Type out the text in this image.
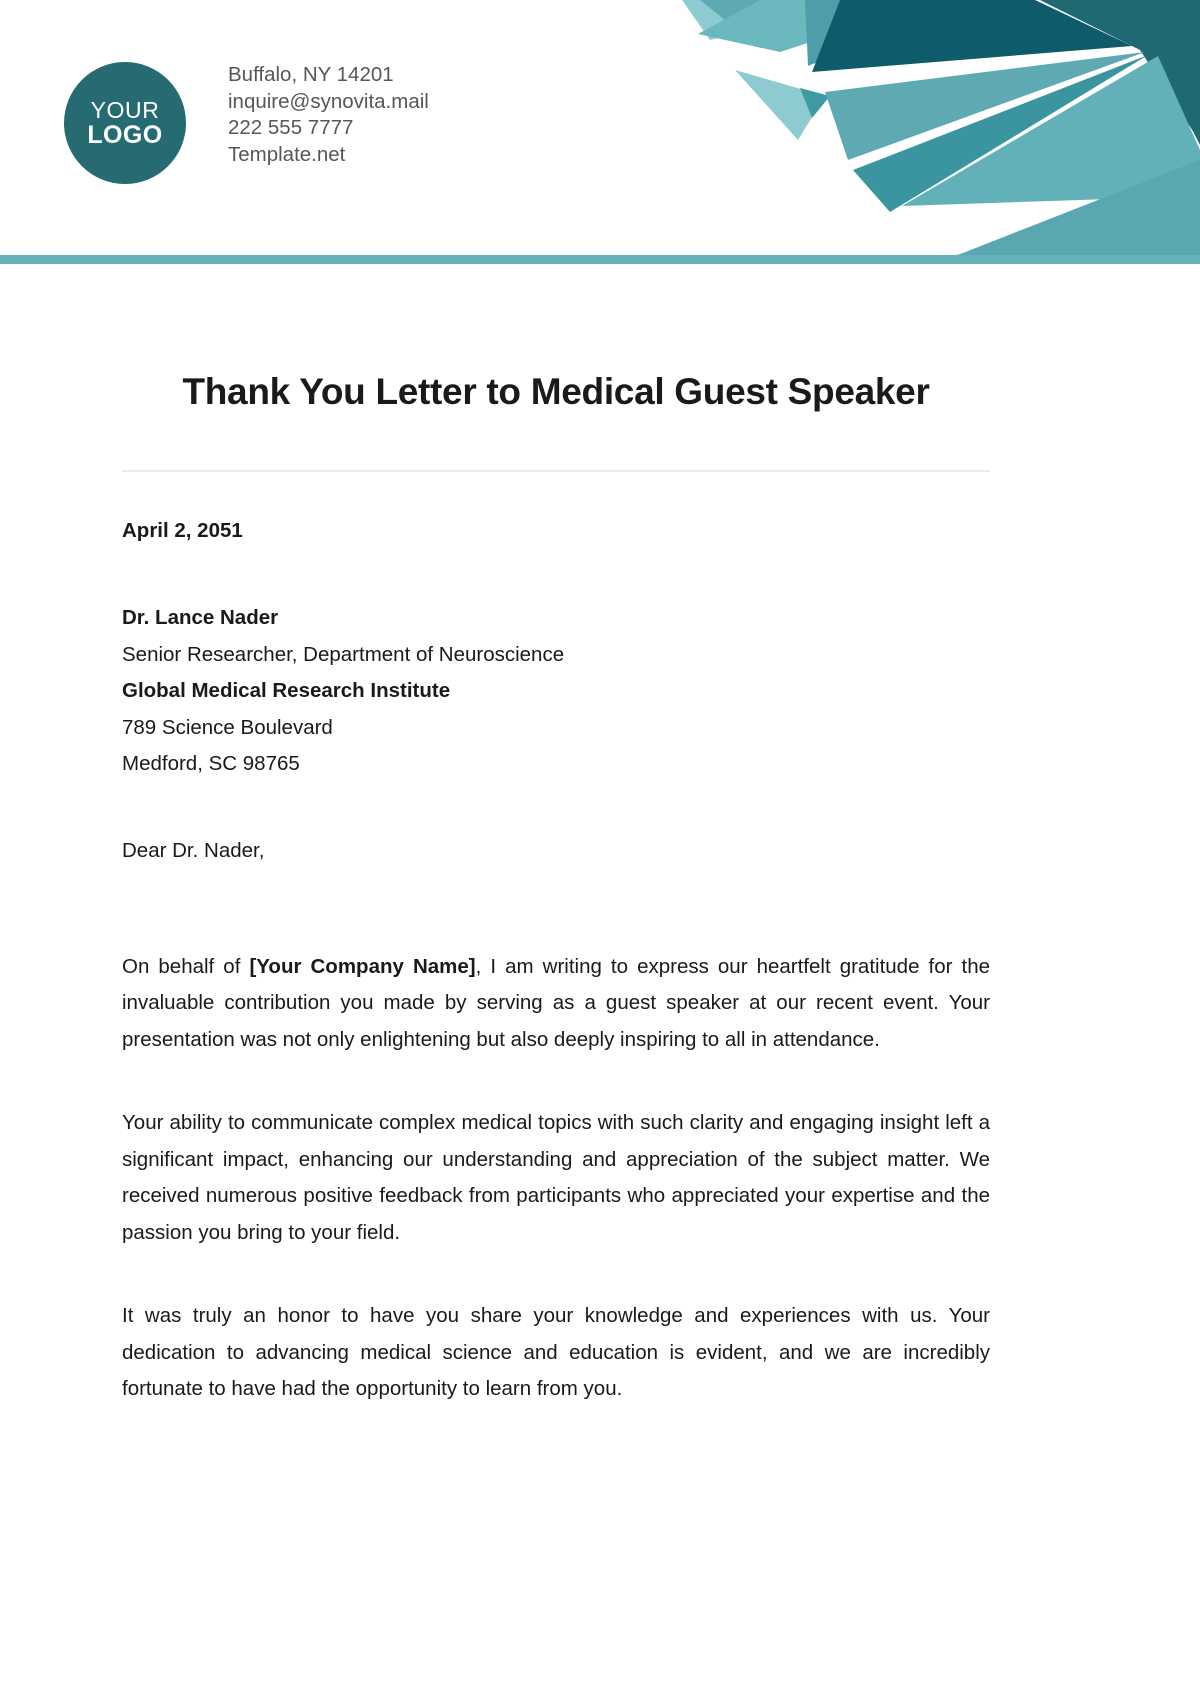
YOUR
LOGO
Buffalo, NY 14201
inquire@synovita.mail
222 555 7777
Template.net
Thank You Letter to Medical Guest Speaker
April 2, 2051
Dr. Lance Nader
Senior Researcher, Department of Neuroscience
Global Medical Research Institute
789 Science Boulevard
Medford, SC 98765
Dear Dr. Nader,

On behalf of [Your Company Name], I am writing to express our heartfelt gratitude for the invaluable contribution you made by serving as a guest speaker at our recent event. Your presentation was not only enlightening but also deeply inspiring to all in attendance.

Your ability to communicate complex medical topics with such clarity and engaging insight left a significant impact, enhancing our understanding and appreciation of the subject matter. We received numerous positive feedback from participants who appreciated your expertise and the passion you bring to your field.

It was truly an honor to have you share your knowledge and experiences with us. Your dedication to advancing medical science and education is evident, and we are incredibly fortunate to have had the opportunity to learn from you.
